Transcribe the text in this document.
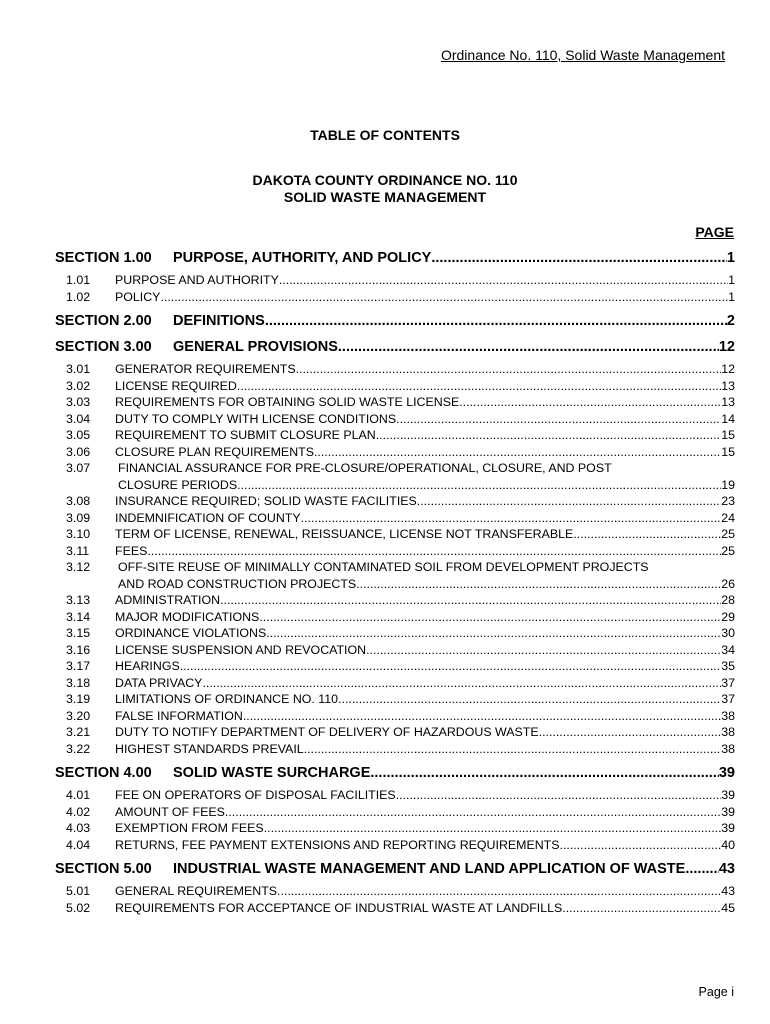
Ordinance No. 110, Solid Waste Management
TABLE OF CONTENTS
DAKOTA COUNTY ORDINANCE NO. 110
SOLID WASTE MANAGEMENT
PAGE
SECTION 1.00	PURPOSE, AUTHORITY, AND POLICY .....	1
1.01	PURPOSE AND AUTHORITY .....	1
1.02	POLICY .....	1
SECTION 2.00	DEFINITIONS .....	2
SECTION 3.00	GENERAL PROVISIONS .....	12
3.01	GENERATOR REQUIREMENTS .....	12
3.02	LICENSE REQUIRED .....	13
3.03	REQUIREMENTS FOR OBTAINING SOLID WASTE LICENSE .....	13
3.04	DUTY TO COMPLY WITH LICENSE CONDITIONS .....	14
3.05	REQUIREMENT TO SUBMIT CLOSURE PLAN .....	15
3.06	CLOSURE PLAN REQUIREMENTS .....	15
3.07	FINANCIAL ASSURANCE FOR PRE-CLOSURE/OPERATIONAL, CLOSURE, AND POST
CLOSURE PERIODS .....	19
3.08	INSURANCE REQUIRED; SOLID WASTE FACILITIES .....	23
3.09	INDEMNIFICATION OF COUNTY .....	24
3.10	TERM OF LICENSE, RENEWAL, REISSUANCE, LICENSE NOT TRANSFERABLE .....	25
3.11	FEES .....	25
3.12	OFF-SITE REUSE OF MINIMALLY CONTAMINATED SOIL FROM DEVELOPMENT PROJECTS
AND ROAD CONSTRUCTION PROJECTS .....	26
3.13	ADMINISTRATION .....	28
3.14	MAJOR MODIFICATIONS .....	29
3.15	ORDINANCE VIOLATIONS .....	30
3.16	LICENSE SUSPENSION AND REVOCATION .....	34
3.17	HEARINGS .....	35
3.18	DATA PRIVACY .....	37
3.19	LIMITATIONS OF ORDINANCE NO. 110 .....	37
3.20	FALSE INFORMATION .....	38
3.21	DUTY TO NOTIFY DEPARTMENT OF DELIVERY OF HAZARDOUS WASTE .....	38
3.22	HIGHEST STANDARDS PREVAIL .....	38
SECTION 4.00	SOLID WASTE SURCHARGE .....	39
4.01	FEE ON OPERATORS OF DISPOSAL FACILITIES .....	39
4.02	AMOUNT OF FEES .....	39
4.03	EXEMPTION FROM FEES .....	39
4.04	RETURNS, FEE PAYMENT EXTENSIONS AND REPORTING REQUIREMENTS .....	40
SECTION 5.00	INDUSTRIAL WASTE MANAGEMENT AND LAND APPLICATION OF WASTE ..... 43
5.01	GENERAL REQUIREMENTS .....	43
5.02	REQUIREMENTS FOR ACCEPTANCE OF INDUSTRIAL WASTE AT LANDFILLS .....	45
Page i
